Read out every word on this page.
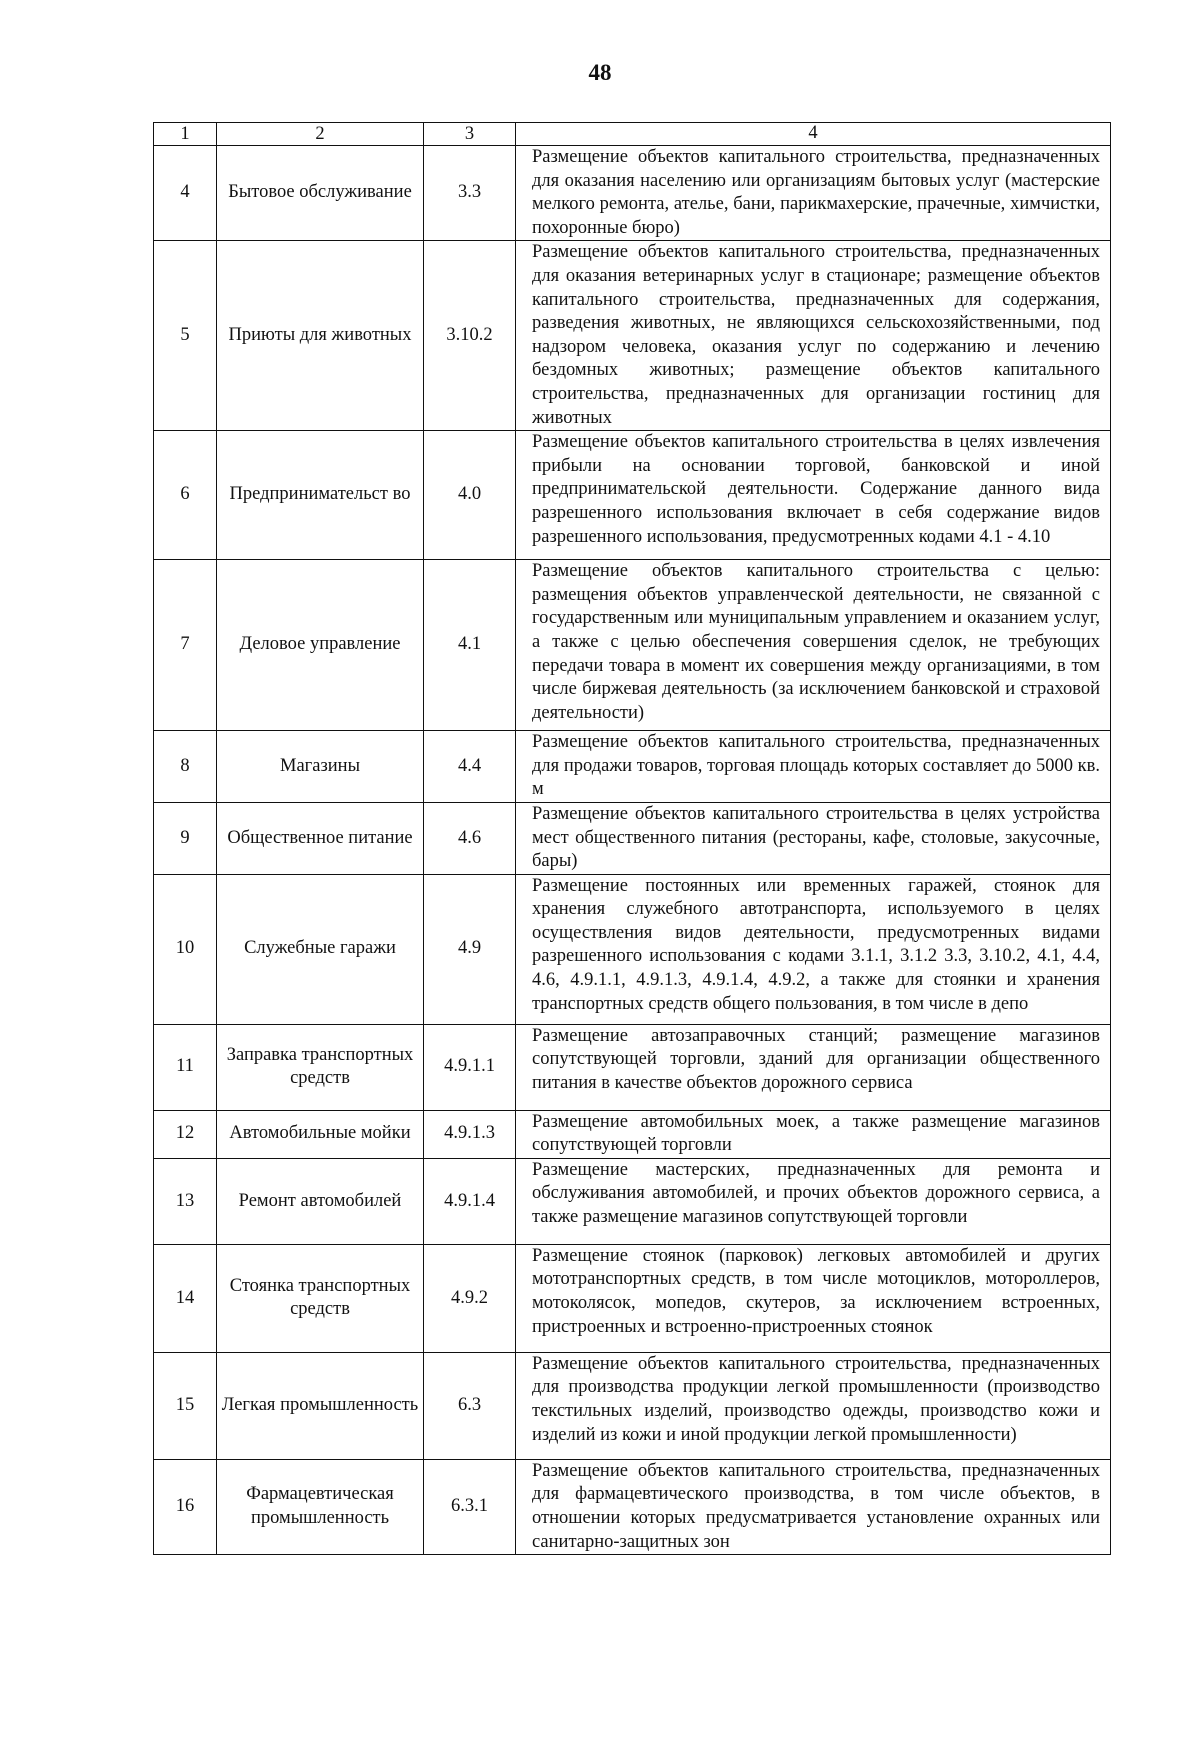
48
1	2	3	4
4	Бытовое обслуживание	3.3	Размещение объектов капитального строительства, предназначенных для оказания населению или организациям бытовых услуг (мастерские мелкого ремонта, ателье, бани, парикмахерские, прачечные, химчистки, похоронные бюро)
5	Приюты для животных	3.10.2	Размещение объектов капитального строительства, предназначенных для оказания ветеринарных услуг в стационаре; размещение объектов капитального строительства, предназначенных для содержания, разведения животных, не являющихся сельскохозяйственными, под надзором человека, оказания услуг по содержанию и лечению бездомных животных; размещение объектов капитального строительства, предназначенных для организации гостиниц для животных
6	Предпринимательст во	4.0	Размещение объектов капитального строительства в целях извлечения прибыли на основании торговой, банковской и иной предпринимательской деятельности. Содержание данного вида разрешенного использования включает в себя содержание видов разрешенного использования, предусмотренных кодами 4.1 - 4.10
7	Деловое управление	4.1	Размещение объектов капитального строительства с целью: размещения объектов управленческой деятельности, не связанной с государственным или муниципальным управлением и оказанием услуг, а также с целью обеспечения совершения сделок, не требующих передачи товара в момент их совершения между организациями, в том числе биржевая деятельность (за исключением банковской и страховой деятельности)
8	Магазины	4.4	Размещение объектов капитального строительства, предназначенных для продажи товаров, торговая площадь которых составляет до 5000 кв. м
9	Общественное питание	4.6	Размещение объектов капитального строительства в целях устройства мест общественного питания (рестораны, кафе, столовые, закусочные, бары)
10	Служебные гаражи	4.9	Размещение постоянных или временных гаражей, стоянок для хранения служебного автотранспорта, используемого в целях осуществления видов деятельности, предусмотренных видами разрешенного использования с кодами 3.1.1, 3.1.2 3.3, 3.10.2, 4.1, 4.4, 4.6, 4.9.1.1, 4.9.1.3, 4.9.1.4, 4.9.2, а также для стоянки и хранения транспортных средств общего пользования, в том числе в депо
11	Заправка транспортных средств	4.9.1.1	Размещение автозаправочных станций; размещение магазинов сопутствующей торговли, зданий для организации общественного питания в качестве объектов дорожного сервиса
12	Автомобильные мойки	4.9.1.3	Размещение автомобильных моек, а также размещение магазинов сопутствующей торговли
13	Ремонт автомобилей	4.9.1.4	Размещение мастерских, предназначенных для ремонта и обслуживания автомобилей, и прочих объектов дорожного сервиса, а также размещение магазинов сопутствующей торговли
14	Стоянка транспортных средств	4.9.2	Размещение стоянок (парковок) легковых автомобилей и других мототранспортных средств, в том числе мотоциклов, мотороллеров, мотоколясок, мопедов, скутеров, за исключением встроенных, пристроенных и встроенно-пристроенных стоянок
15	Легкая промышленность	6.3	Размещение объектов капитального строительства, предназначенных для производства продукции легкой промышленности (производство текстильных изделий, производство одежды, производство кожи и изделий из кожи и иной продукции легкой промышленности)
16	Фармацевтическая промышленность	6.3.1	Размещение объектов капитального строительства, предназначенных для фармацевтического производства, в том числе объектов, в отношении которых предусматривается установление охранных или санитарно-защитных зон
